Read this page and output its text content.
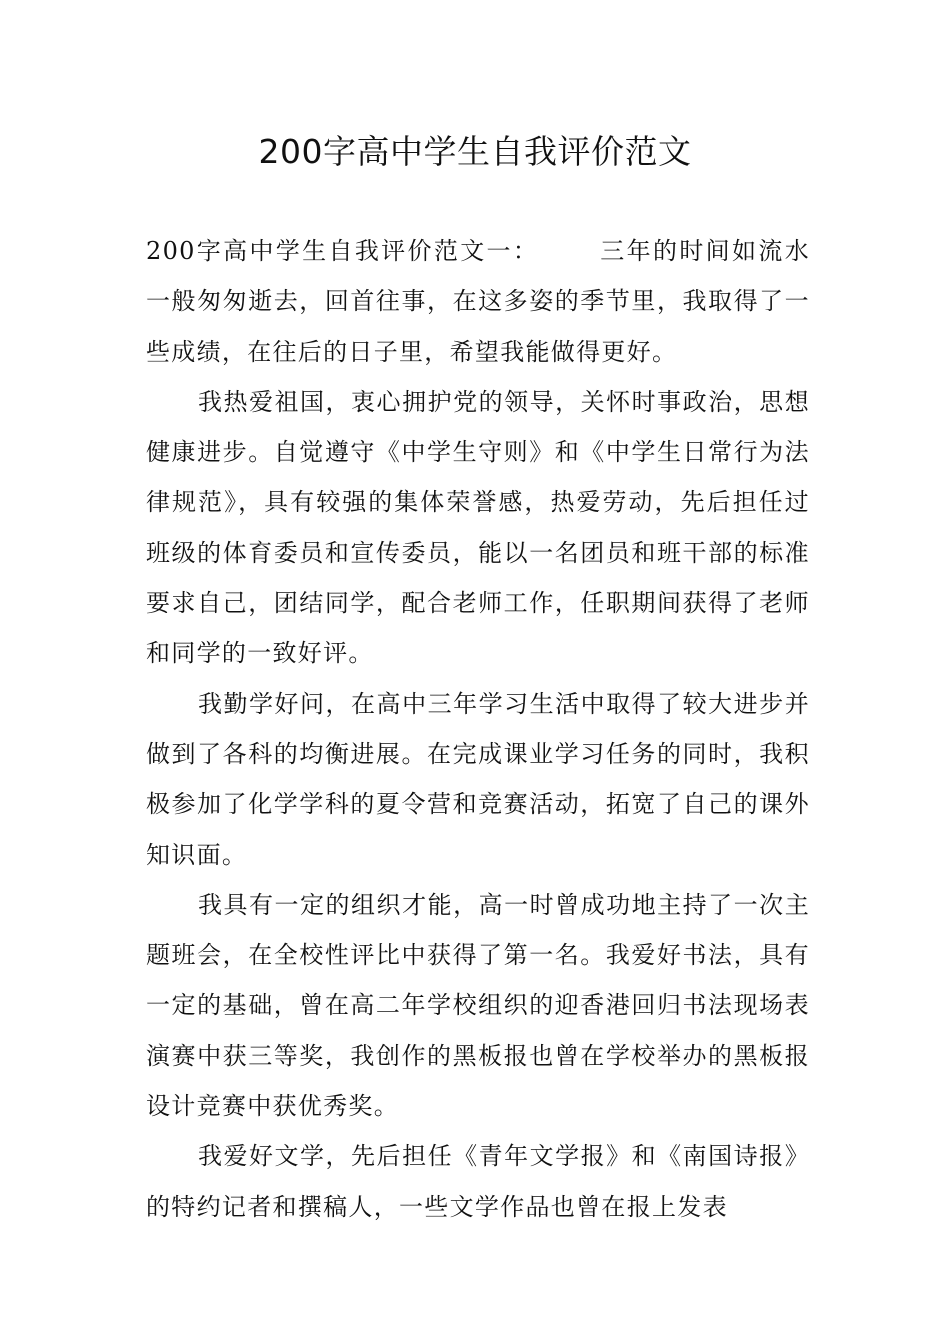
200字高中学生自我评价范文

200字高中学生自我评价范文一：	三年的时间如流水一般匆匆逝去，回首往事，在这多姿的季节里，我取得了一些成绩，在往后的日子里，希望我能做得更好。

我热爱祖国，衷心拥护党的领导，关怀时事政治，思想健康进步。自觉遵守《中学生守则》和《中学生日常行为法律规范》，具有较强的集体荣誉感，热爱劳动，先后担任过班级的体育委员和宣传委员，能以一名团员和班干部的标准要求自己，团结同学，配合老师工作，任职期间获得了老师和同学的一致好评。

我勤学好问，在高中三年学习生活中取得了较大进步并做到了各科的均衡进展。在完成课业学习任务的同时，我积极参加了化学学科的夏令营和竞赛活动，拓宽了自己的课外知识面。

我具有一定的组织才能，高一时曾成功地主持了一次主题班会，在全校性评比中获得了第一名。我爱好书法，具有一定的基础，曾在高二年学校组织的迎香港回归书法现场表演赛中获三等奖，我创作的黑板报也曾在学校举办的黑板报设计竞赛中获优秀奖。

我爱好文学，先后担任《青年文学报》和《南国诗报》的特约记者和撰稿人，一些文学作品也曾在报上发表
